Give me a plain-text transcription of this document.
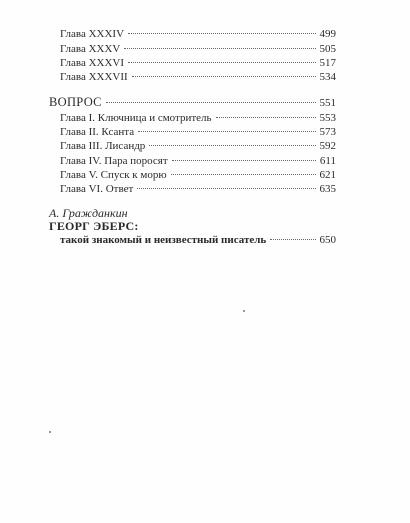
Глава XXXIV	499
Глава XXXV	505
Глава XXXVI	517
Глава XXXVII	534
ВОПРОС	551
Глава I. Ключница и смотритель	553
Глава II. Ксанта	573
Глава III. Лисандр	592
Глава IV. Пара поросят	611
Глава V. Спуск к морю	621
Глава VI. Ответ	635
А. Гражданкин
ГЕОРГ ЭБЕРС:
такой знакомый и неизвестный писатель	650
